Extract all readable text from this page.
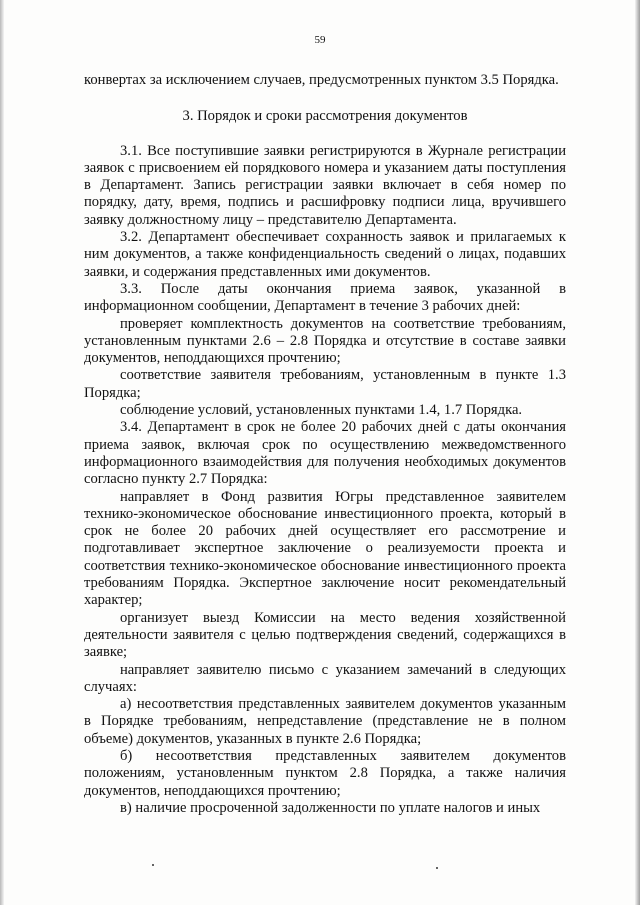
59

конвертах за исключением случаев, предусмотренных пунктом 3.5 Порядка.

3. Порядок и сроки рассмотрения документов

3.1. Все поступившие заявки регистрируются в Журнале регистрации заявок с присвоением ей порядкового номера и указанием даты поступления в Департамент. Запись регистрации заявки включает в себя номер по порядку, дату, время, подпись и расшифровку подписи лица, вручившего заявку должностному лицу – представителю Департамента.

3.2. Департамент обеспечивает сохранность заявок и прилагаемых к ним документов, а также конфиденциальность сведений о лицах, подавших заявки, и содержания представленных ими документов.

3.3. После даты окончания приема заявок, указанной в информационном сообщении, Департамент в течение 3 рабочих дней:

проверяет комплектность документов на соответствие требованиям, установленным пунктами 2.6 – 2.8 Порядка и отсутствие в составе заявки документов, неподдающихся прочтению;

соответствие заявителя требованиям, установленным в пункте 1.3 Порядка;

соблюдение условий, установленных пунктами 1.4, 1.7 Порядка.

3.4. Департамент в срок не более 20 рабочих дней с даты окончания приема заявок, включая срок по осуществлению межведомственного информационного взаимодействия для получения необходимых документов согласно пункту 2.7 Порядка:

направляет в Фонд развития Югры представленное заявителем технико-экономическое обоснование инвестиционного проекта, который в срок не более 20 рабочих дней осуществляет его рассмотрение и подготавливает экспертное заключение о реализуемости проекта и соответствия технико-экономическое обоснование инвестиционного проекта требованиям Порядка. Экспертное заключение носит рекомендательный характер;

организует выезд Комиссии на место ведения хозяйственной деятельности заявителя с целью подтверждения сведений, содержащихся в заявке;

направляет заявителю письмо с указанием замечаний в следующих случаях:

а) несоответствия представленных заявителем документов указанным в Порядке требованиям, непредставление (представление не в полном объеме) документов, указанных в пункте 2.6 Порядка;

б) несоответствия представленных заявителем документов положениям, установленным пунктом 2.8 Порядка, а также наличия документов, неподдающихся прочтению;

в) наличие просроченной задолженности по уплате налогов и иных
